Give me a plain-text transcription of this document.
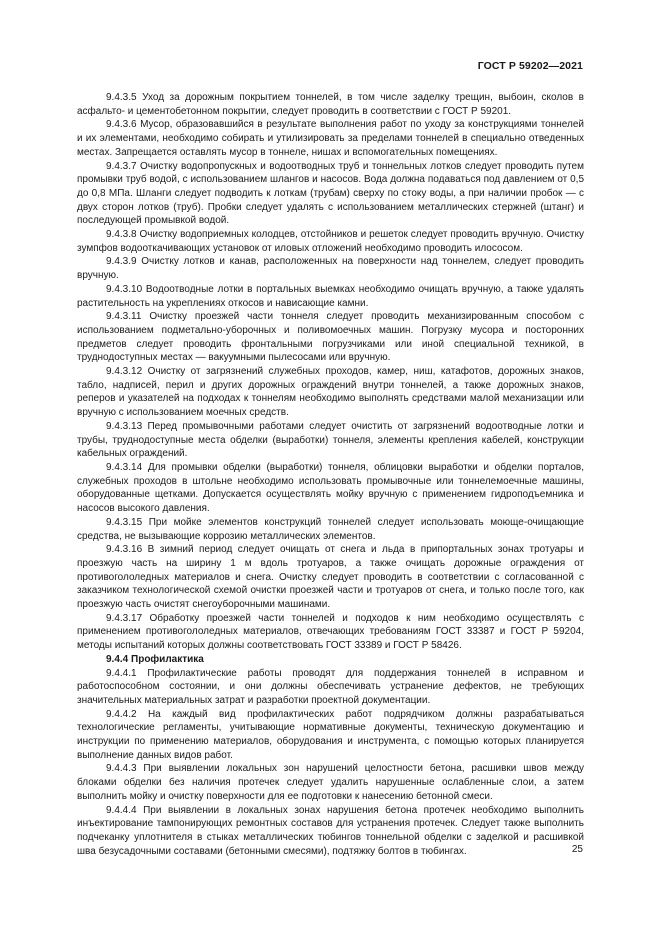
ГОСТ Р 59202—2021

9.4.3.5 Уход за дорожным покрытием тоннелей, в том числе заделку трещин, выбоин, сколов в асфальто- и цементобетонном покрытии, следует проводить в соответствии с ГОСТ Р 59201.

9.4.3.6 Мусор, образовавшийся в результате выполнения работ по уходу за конструкциями тоннелей и их элементами, необходимо собирать и утилизировать за пределами тоннелей в специально отведенных местах. Запрещается оставлять мусор в тоннеле, нишах и вспомогательных помещениях.

9.4.3.7 Очистку водопропускных и водоотводных труб и тоннельных лотков следует проводить путем промывки труб водой, с использованием шлангов и насосов. Вода должна подаваться под давлением от 0,5 до 0,8 МПа. Шланги следует подводить к лоткам (трубам) сверху по стоку воды, а при наличии пробок — с двух сторон лотков (труб). Пробки следует удалять с использованием металлических стержней (штанг) и последующей промывкой водой.

9.4.3.8 Очистку водоприемных колодцев, отстойников и решеток следует проводить вручную. Очистку зумпфов водооткачивающих установок от иловых отложений необходимо проводить илососом.

9.4.3.9 Очистку лотков и канав, расположенных на поверхности над тоннелем, следует проводить вручную.

9.4.3.10 Водоотводные лотки в портальных выемках необходимо очищать вручную, а также удалять растительность на укреплениях откосов и нависающие камни.

9.4.3.11 Очистку проезжей части тоннеля следует проводить механизированным способом с использованием подметально-уборочных и поливомоечных машин. Погрузку мусора и посторонних предметов следует проводить фронтальными погрузчиками или иной специальной техникой, в труднодоступных местах — вакуумными пылесосами или вручную.

9.4.3.12 Очистку от загрязнений служебных проходов, камер, ниш, катафотов, дорожных знаков, табло, надписей, перил и других дорожных ограждений внутри тоннелей, а также дорожных знаков, реперов и указателей на подходах к тоннелям необходимо выполнять средствами малой механизации или вручную с использованием моечных средств.

9.4.3.13 Перед промывочными работами следует очистить от загрязнений водоотводные лотки и трубы, труднодоступные места обделки (выработки) тоннеля, элементы крепления кабелей, конструкции кабельных ограждений.

9.4.3.14 Для промывки обделки (выработки) тоннеля, облицовки выработки и обделки порталов, служебных проходов в штольне необходимо использовать промывочные или тоннелемоечные машины, оборудованные щетками. Допускается осуществлять мойку вручную с применением гидроподъемника и насосов высокого давления.

9.4.3.15 При мойке элементов конструкций тоннелей следует использовать моюще-очищающие средства, не вызывающие коррозию металлических элементов.

9.4.3.16 В зимний период следует очищать от снега и льда в припортальных зонах тротуары и проезжую часть на ширину 1 м вдоль тротуаров, а также очищать дорожные ограждения от противогололедных материалов и снега. Очистку следует проводить в соответствии с согласованной с заказчиком технологической схемой очистки проезжей части и тротуаров от снега, и только после того, как проезжую часть очистят снегоуборочными машинами.

9.4.3.17 Обработку проезжей части тоннелей и подходов к ним необходимо осуществлять с применением противогололедных материалов, отвечающих требованиям ГОСТ 33387 и ГОСТ Р 59204, методы испытаний которых должны соответствовать ГОСТ 33389 и ГОСТ Р 58426.

9.4.4 Профилактика

9.4.4.1 Профилактические работы проводят для поддержания тоннелей в исправном и работоспособном состоянии, и они должны обеспечивать устранение дефектов, не требующих значительных материальных затрат и разработки проектной документации.

9.4.4.2 На каждый вид профилактических работ подрядчиком должны разрабатываться технологические регламенты, учитывающие нормативные документы, техническую документацию и инструкции по применению материалов, оборудования и инструмента, с помощью которых планируется выполнение данных видов работ.

9.4.4.3 При выявлении локальных зон нарушений целостности бетона, расшивки швов между блоками обделки без наличия протечек следует удалить нарушенные ослабленные слои, а затем выполнить мойку и очистку поверхности для ее подготовки к нанесению бетонной смеси.

9.4.4.4 При выявлении в локальных зонах нарушения бетона протечек необходимо выполнить инъектирование тампонирующих ремонтных составов для устранения протечек. Следует также выполнить подчеканку уплотнителя в стыках металлических тюбингов тоннельной обделки с заделкой и расшивкой шва безусадочными составами (бетонными смесями), подтяжку болтов в тюбингах.	25
